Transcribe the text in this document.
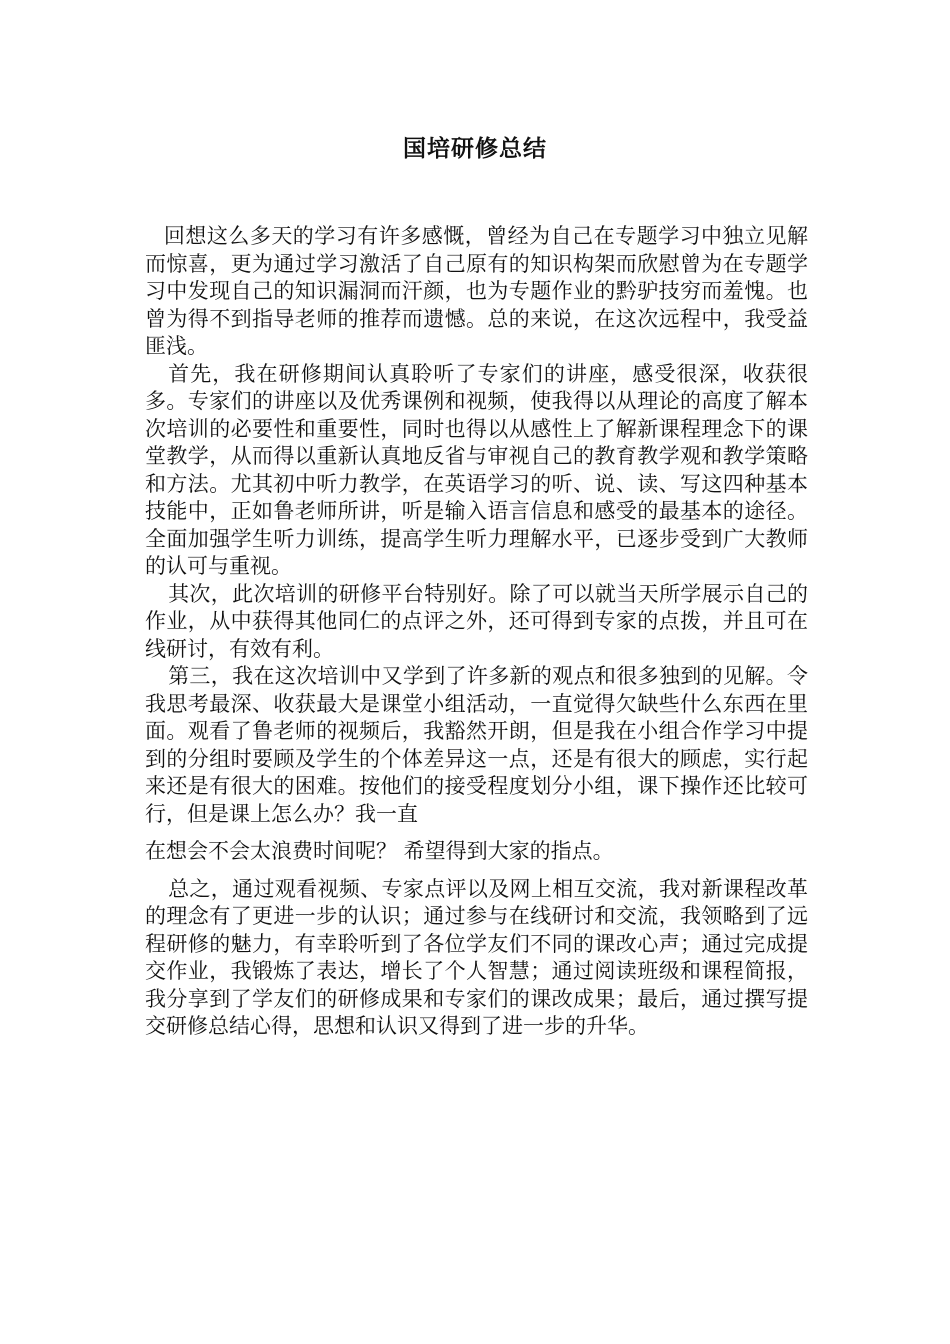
国培研修总结

回想这么多天的学习有许多感慨，曾经为自己在专题学习中独立见解而惊喜，更为通过学习激活了自己原有的知识构架而欣慰曾为在专题学习中发现自己的知识漏洞而汗颜，也为专题作业的黔驴技穷而羞愧。也曾为得不到指导老师的推荐而遗憾。总的来说，在这次远程中，我受益匪浅。

首先，我在研修期间认真聆听了专家们的讲座，感受很深，收获很多。专家们的讲座以及优秀课例和视频，使我得以从理论的高度了解本次培训的必要性和重要性，同时也得以从感性上了解新课程理念下的课堂教学，从而得以重新认真地反省与审视自己的教育教学观和教学策略和方法。尤其初中听力教学，在英语学习的听、说、读、写这四种基本技能中，正如鲁老师所讲，听是输入语言信息和感受的最基本的途径。全面加强学生听力训练，提高学生听力理解水平，已逐步受到广大教师的认可与重视。

其次，此次培训的研修平台特别好。除了可以就当天所学展示自己的作业，从中获得其他同仁的点评之外，还可得到专家的点拨，并且可在线研讨，有效有利。

第三，我在这次培训中又学到了许多新的观点和很多独到的见解。令我思考最深、收获最大是课堂小组活动，一直觉得欠缺些什么东西在里面。观看了鲁老师的视频后，我豁然开朗，但是我在小组合作学习中提到的分组时要顾及学生的个体差异这一点，还是有很大的顾虑，实行起来还是有很大的困难。按他们的接受程度划分小组，课下操作还比较可行，但是课上怎么办？我一直

在想会不会太浪费时间呢？ 希望得到大家的指点。

总之，通过观看视频、专家点评以及网上相互交流，我对新课程改革的理念有了更进一步的认识；通过参与在线研讨和交流，我领略到了远程研修的魅力，有幸聆听到了各位学友们不同的课改心声；通过完成提交作业，我锻炼了表达，增长了个人智慧；通过阅读班级和课程简报，我分享到了学友们的研修成果和专家们的课改成果；最后，通过撰写提交研修总结心得，思想和认识又得到了进一步的升华。
